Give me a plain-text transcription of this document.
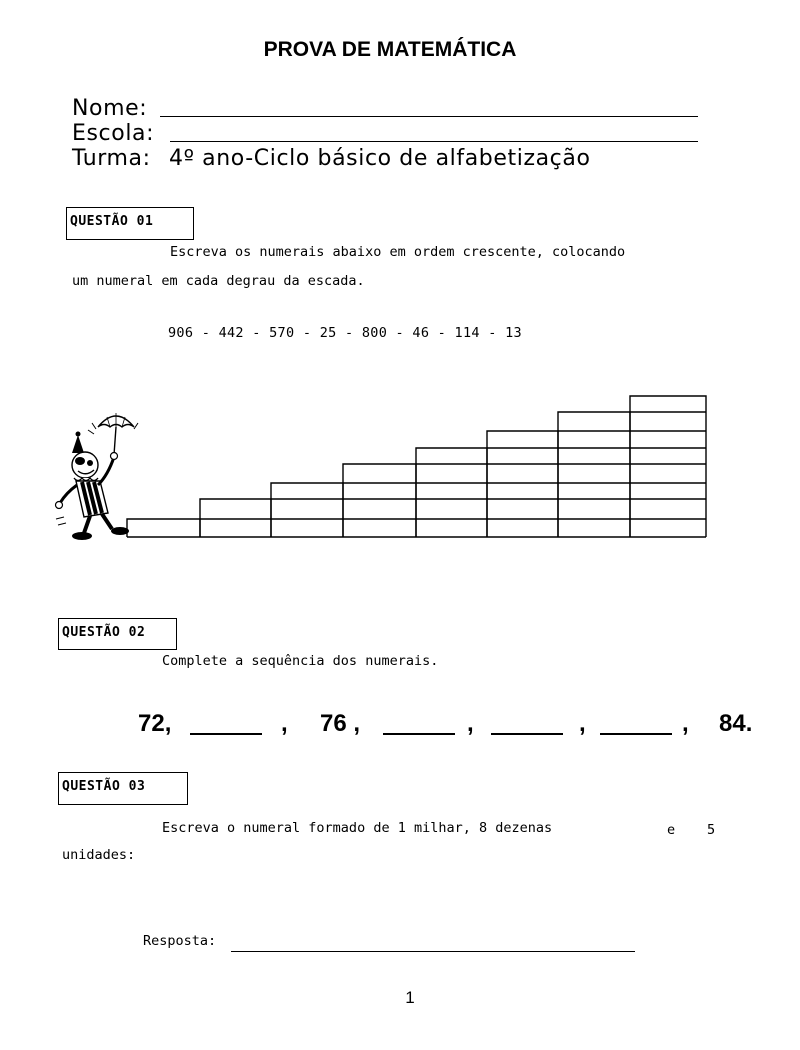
PROVA DE MATEMÁTICA
Nome:
Escola:
Turma: 4º ano-Ciclo básico de alfabetização
QUESTÃO 01
Escreva os numerais abaixo em ordem crescente, colocando
um numeral em cada degrau da escada.
906 - 442 - 570 - 25 - 800 - 46 - 114 - 13
QUESTÃO 02
Complete a sequência dos numerais.
72,	, 76 ,	,	,	, 84.
QUESTÃO 03
Escreva o numeral formado de 1 milhar, 8 dezenas	e 5
unidades:
Resposta:
1
